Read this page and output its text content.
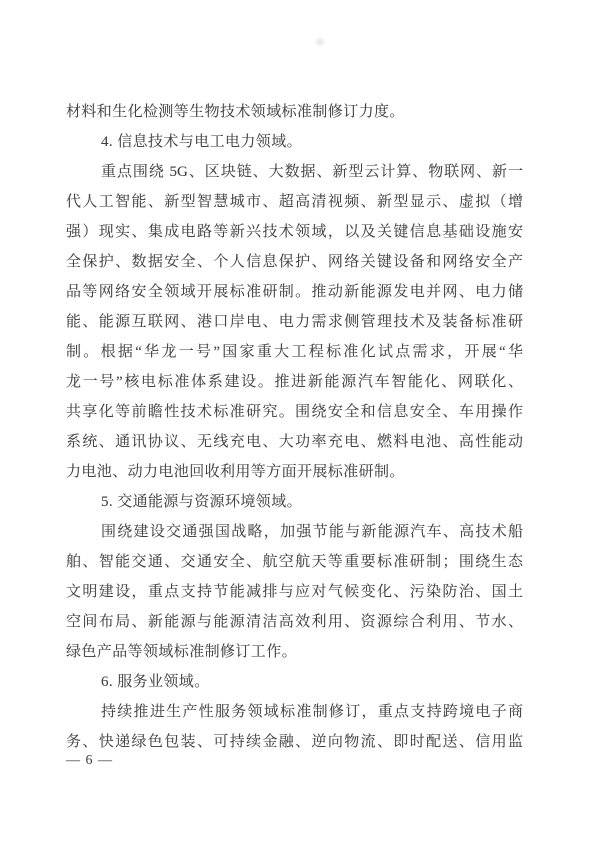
材料和生化检测等生物技术领域标准制修订力度。
4. 信息技术与电工电力领域。
重点围绕 5G、区块链、大数据、新型云计算、物联网、新一
代人工智能、新型智慧城市、超高清视频、新型显示、虚拟（增
强）现实、集成电路等新兴技术领域，以及关键信息基础设施安
全保护、数据安全、个人信息保护、网络关键设备和网络安全产
品等网络安全领域开展标准研制。推动新能源发电并网、电力储
能、能源互联网、港口岸电、电力需求侧管理技术及装备标准研
制。根据“华龙一号”国家重大工程标准化试点需求，开展“华
龙一号”核电标准体系建设。推进新能源汽车智能化、网联化、
共享化等前瞻性技术标准研究。围绕安全和信息安全、车用操作
系统、通讯协议、无线充电、大功率充电、燃料电池、高性能动
力电池、动力电池回收利用等方面开展标准研制。
5. 交通能源与资源环境领域。
围绕建设交通强国战略，加强节能与新能源汽车、高技术船
舶、智能交通、交通安全、航空航天等重要标准研制；围绕生态
文明建设，重点支持节能减排与应对气候变化、污染防治、国土
空间布局、新能源与能源清洁高效利用、资源综合利用、节水、
绿色产品等领域标准制修订工作。
6. 服务业领域。
持续推进生产性服务领域标准制修订，重点支持跨境电子商
务、快递绿色包装、可持续金融、逆向物流、即时配送、信用监
— 6 —
